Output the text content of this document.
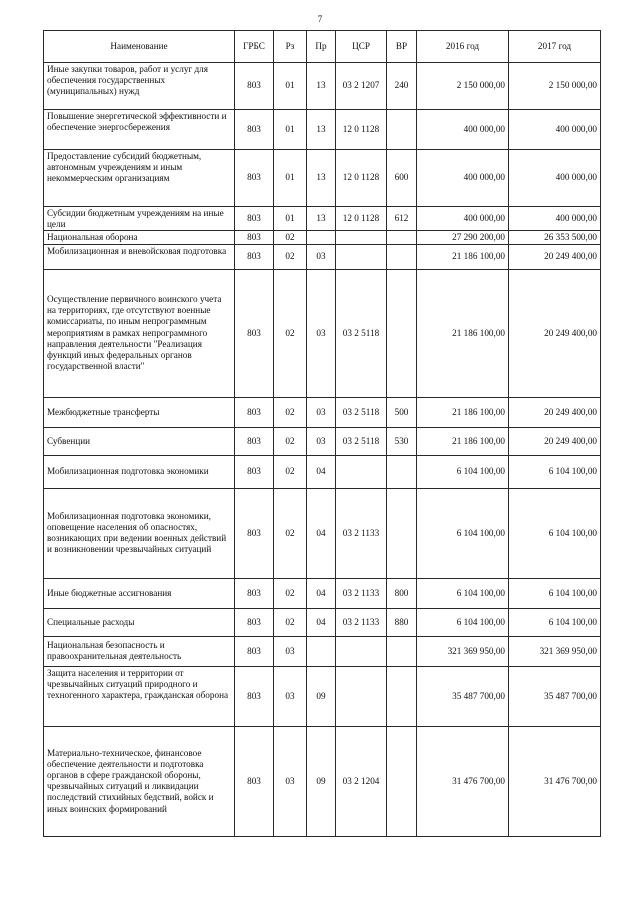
7
Наименование	ГРБС	Рз	Пр	ЦСР	ВР	2016 год	2017 год
Иные закупки товаров, работ и услуг для обеспечения государственных (муниципальных) нужд	803	01	13	03 2 1207	240	2 150 000,00	2 150 000,00
Повышение энергетической эффективности и обеспечение энергосбережения	803	01	13	12 0 1128		400 000,00	400 000,00
Предоставление субсидий бюджетным, автономным учреждениям и иным некоммерческим организациям	803	01	13	12 0 1128	600	400 000,00	400 000,00
Субсидии бюджетным учреждениям на иные цели	803	01	13	12 0 1128	612	400 000,00	400 000,00
Национальная оборона	803	02				27 290 200,00	26 353 500,00
Мобилизационная и вневойсковая подготовка	803	02	03			21 186 100,00	20 249 400,00
Осуществление первичного воинского учета на территориях, где отсутствуют военные комиссариаты, по иным непрограммным мероприятиям в рамках непрограммного направления деятельности "Реализация функций иных федеральных органов государственной власти"	803	02	03	03 2 5118		21 186 100,00	20 249 400,00
Межбюджетные трансферты	803	02	03	03 2 5118	500	21 186 100,00	20 249 400,00
Субвенции	803	02	03	03 2 5118	530	21 186 100,00	20 249 400,00
Мобилизационная подготовка экономики	803	02	04			6 104 100,00	6 104 100,00
Мобилизационная подготовка экономики, оповещение населения об опасностях, возникающих при ведении военных действий и возникновении чрезвычайных ситуаций	803	02	04	03 2 1133		6 104 100,00	6 104 100,00
Иные бюджетные ассигнования	803	02	04	03 2 1133	800	6 104 100,00	6 104 100,00
Специальные расходы	803	02	04	03 2 1133	880	6 104 100,00	6 104 100,00
Национальная безопасность и правоохранительная деятельность	803	03				321 369 950,00	321 369 950,00
Защита населения и территории от чрезвычайных ситуаций природного и техногенного характера, гражданская оборона	803	03	09			35 487 700,00	35 487 700,00
Материально-техническое, финансовое обеспечение деятельности и подготовка органов в сфере гражданской обороны, чрезвычайных ситуаций и ликвидации последствий стихийных бедствий, войск и иных воинских формирований	803	03	09	03 2 1204		31 476 700,00	31 476 700,00
